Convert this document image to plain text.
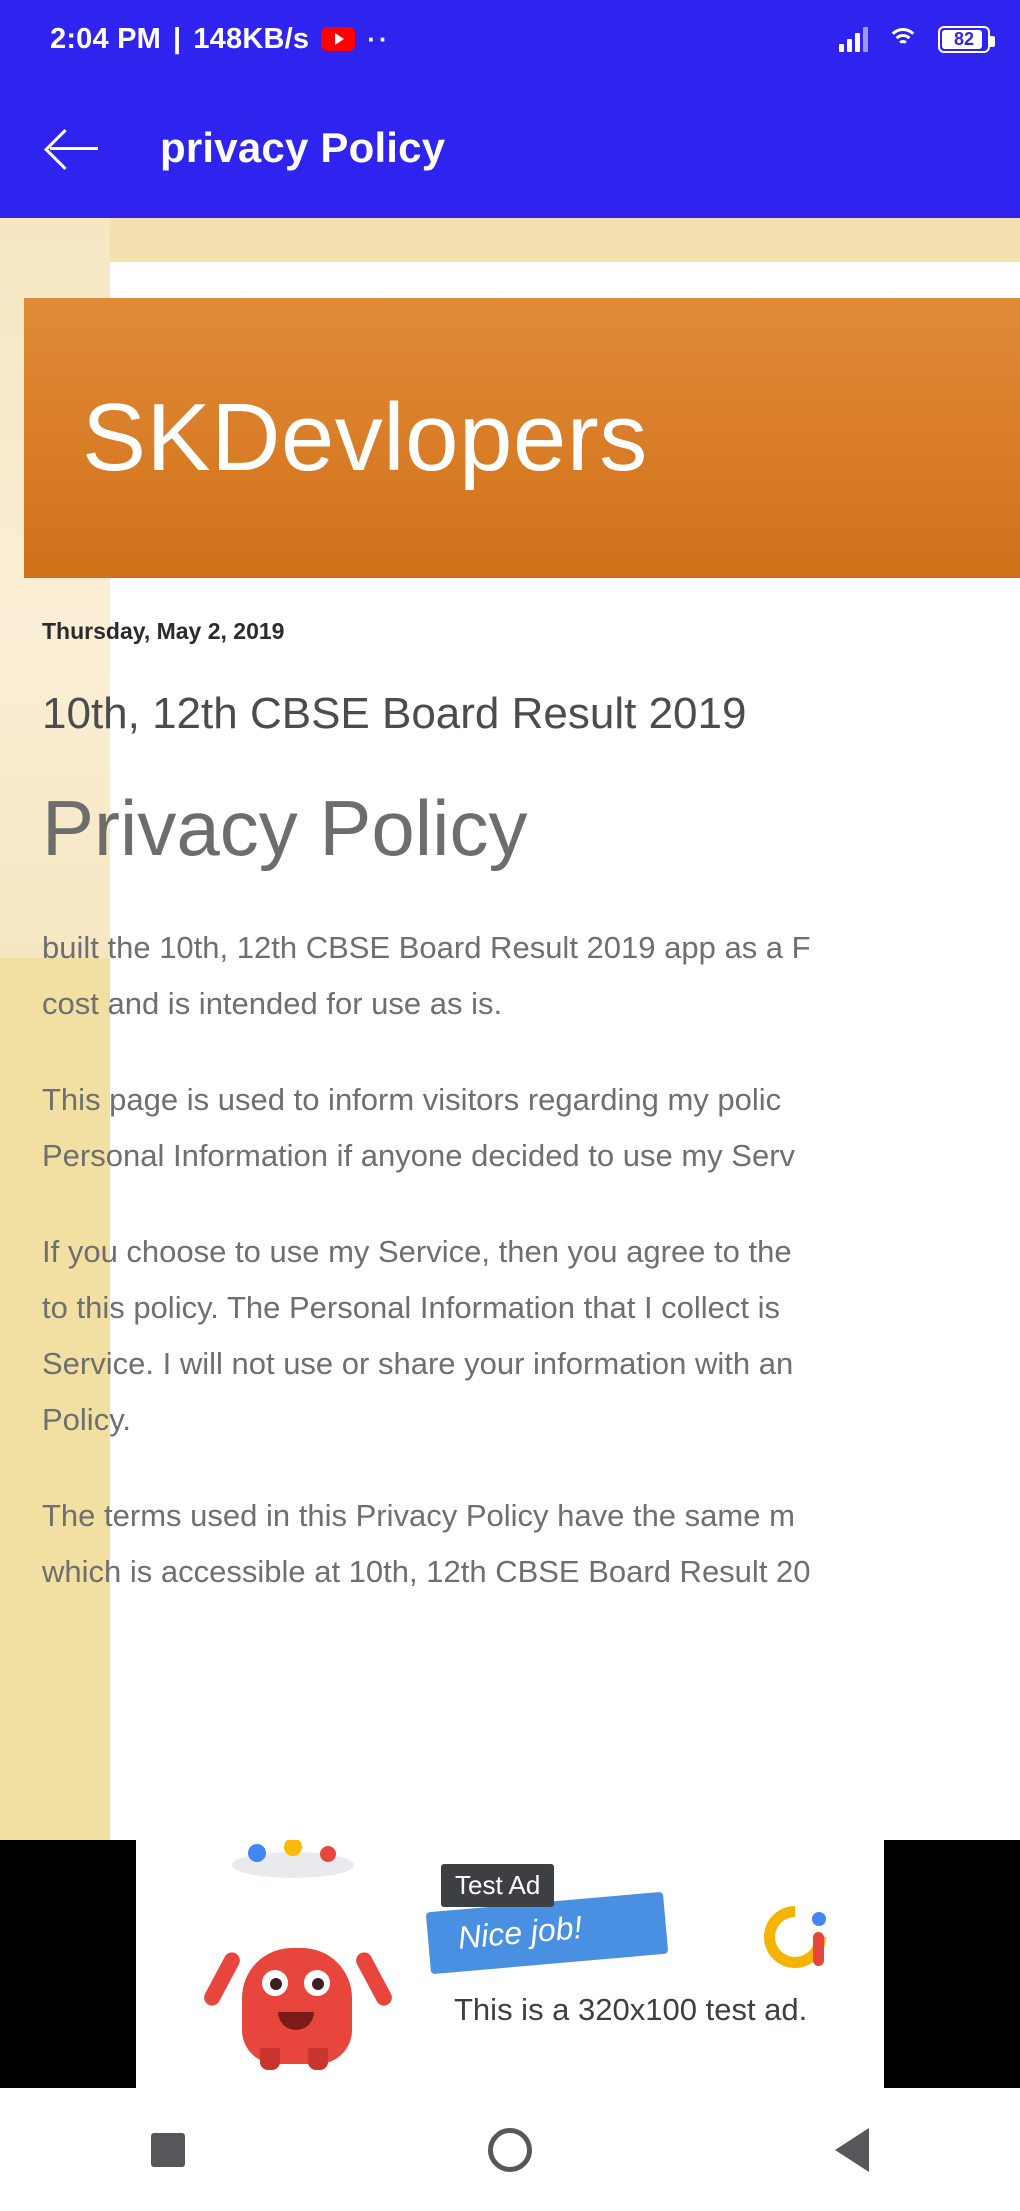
2:04 PM | 148KB/s ··	82
privacy Policy
SKDevlopers
Thursday, May 2, 2019
10th, 12th CBSE Board Result 2019
Privacy Policy

built the 10th, 12th CBSE Board Result 2019 app as a F

cost and is intended for use as is.

This page is used to inform visitors regarding my polic

Personal Information if anyone decided to use my Serv

If you choose to use my Service, then you agree to the

to this policy. The Personal Information that I collect is

Service. I will not use or share your information with an

Policy.

The terms used in this Privacy Policy have the same m

which is accessible at 10th, 12th CBSE Board Result 20

Nice job!
Test Ad
This is a 320x100 test ad.
